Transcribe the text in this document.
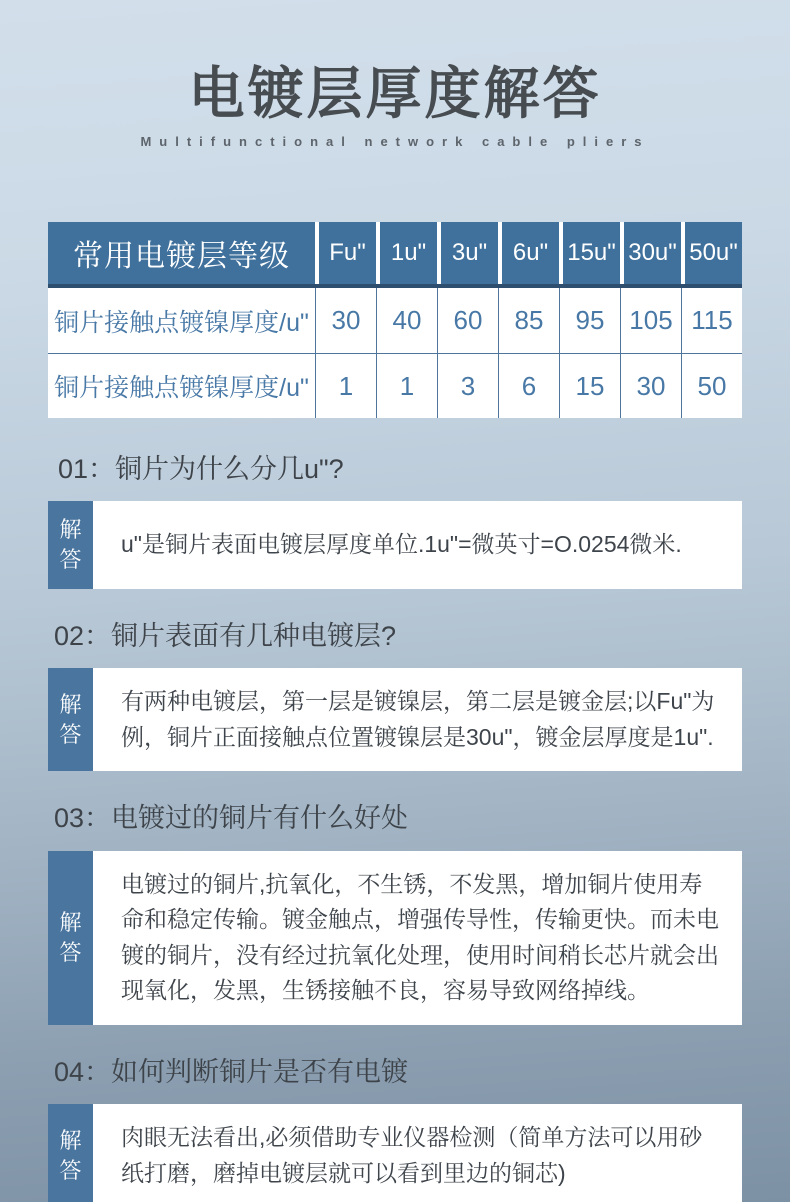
电镀层厚度解答
Multifunctional network cable pliers
常用电镀层等级	Fu"	1u"	3u"	6u" 15u" 30u" 50u"
铜片接触点镀镍厚度/u" 30	40	60	85	95 105 115
铜片接触点镀镍厚度/u"	1	1	3	6	15	30	50
01：铜片为什么分几u"?
解答
u"是铜片表面电镀层厚度单位.1u"=微英寸=O.0254微米.
02：铜片表面有几种电镀层?
解答
有两种电镀层，第一层是镀镍层，第二层是镀金层;以Fu"为例，铜片正面接触点位置镀镍层是30u"，镀金层厚度是1u".
03：电镀过的铜片有什么好处
解答
电镀过的铜片,抗氧化，不生锈，不发黑，增加铜片使用寿命和稳定传输。镀金触点，增强传导性，传输更快。而未电镀的铜片，没有经过抗氧化处理，使用时间稍长芯片就会出现氧化，发黑，生锈接触不良，容易导致网络掉线。
04：如何判断铜片是否有电镀
解答
肉眼无法看出,必须借助专业仪器检测（简单方法可以用砂纸打磨，磨掉电镀层就可以看到里边的铜芯)
